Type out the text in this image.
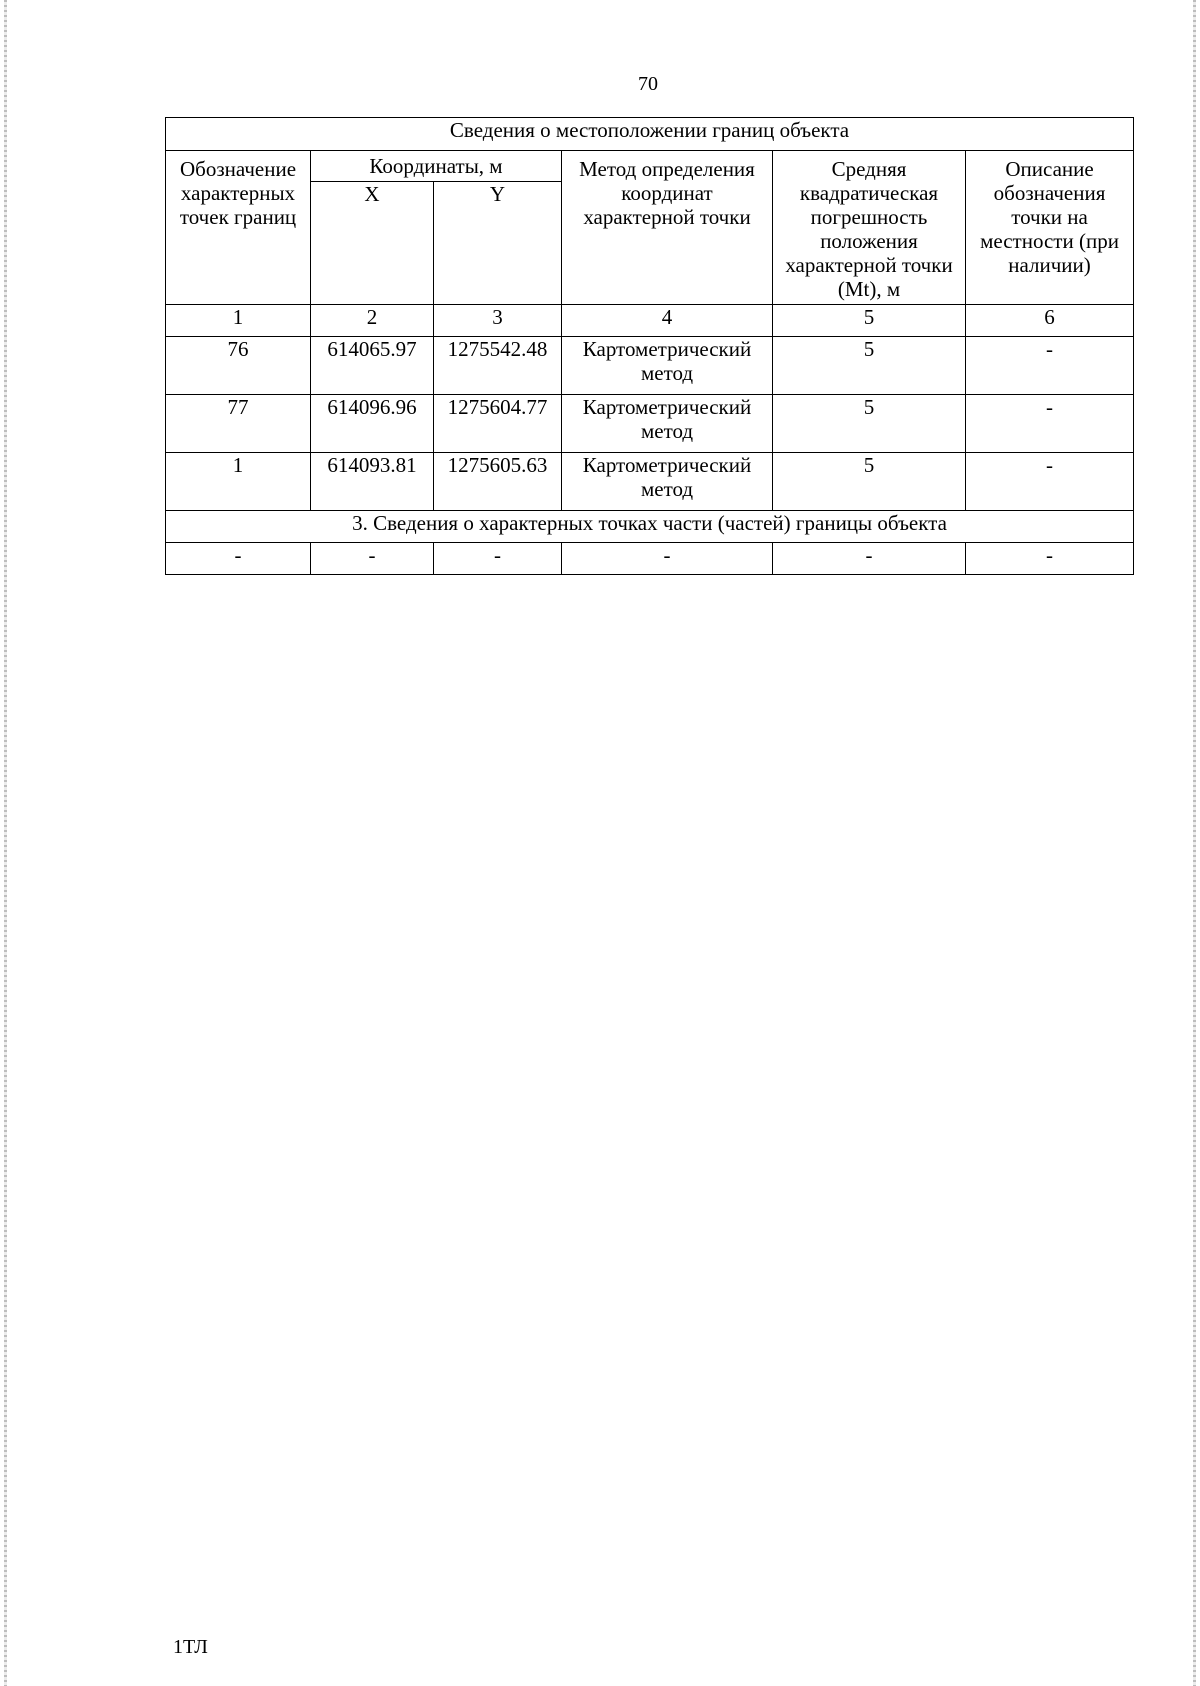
70
Сведения о местоположении границ объекта					
Обозначение характерных точек границ	Координаты, м		Метод определения координат характерной точки	Средняя квадратическая погрешность положения характерной точки (Mt), м	Описание обозначения точки на местности (при наличии)
	X	Y			
1	2	3	4	5	6
76	614065.97	1275542.48	Картометрический метод	5	-
77	614096.96	1275604.77	Картометрический метод	5	-
1	614093.81	1275605.63	Картометрический метод	5	-
3. Сведения о характерных точках части (частей) границы объекта					
-	-	-	-	-	-
1ТЛ
